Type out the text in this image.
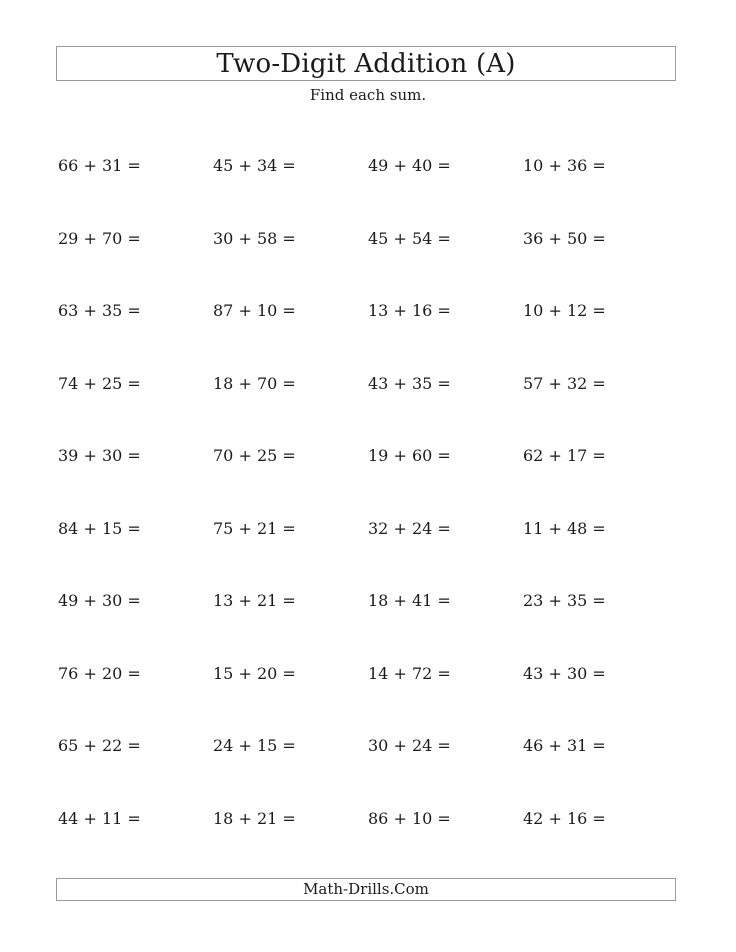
Two-Digit Addition (A)
Find each sum.
66 + 31 =	45 + 34 =	49 + 40 =	10 + 36 =
29 + 70 =	30 + 58 =	45 + 54 =	36 + 50 =
63 + 35 =	87 + 10 =	13 + 16 =	10 + 12 =
74 + 25 =	18 + 70 =	43 + 35 =	57 + 32 =
39 + 30 =	70 + 25 =	19 + 60 =	62 + 17 =
84 + 15 =	75 + 21 =	32 + 24 =	11 + 48 =
49 + 30 =	13 + 21 =	18 + 41 =	23 + 35 =
76 + 20 =	15 + 20 =	14 + 72 =	43 + 30 =
65 + 22 =	24 + 15 =	30 + 24 =	46 + 31 =
44 + 11 =	18 + 21 =	86 + 10 =	42 + 16 =
Math-Drills.Com
